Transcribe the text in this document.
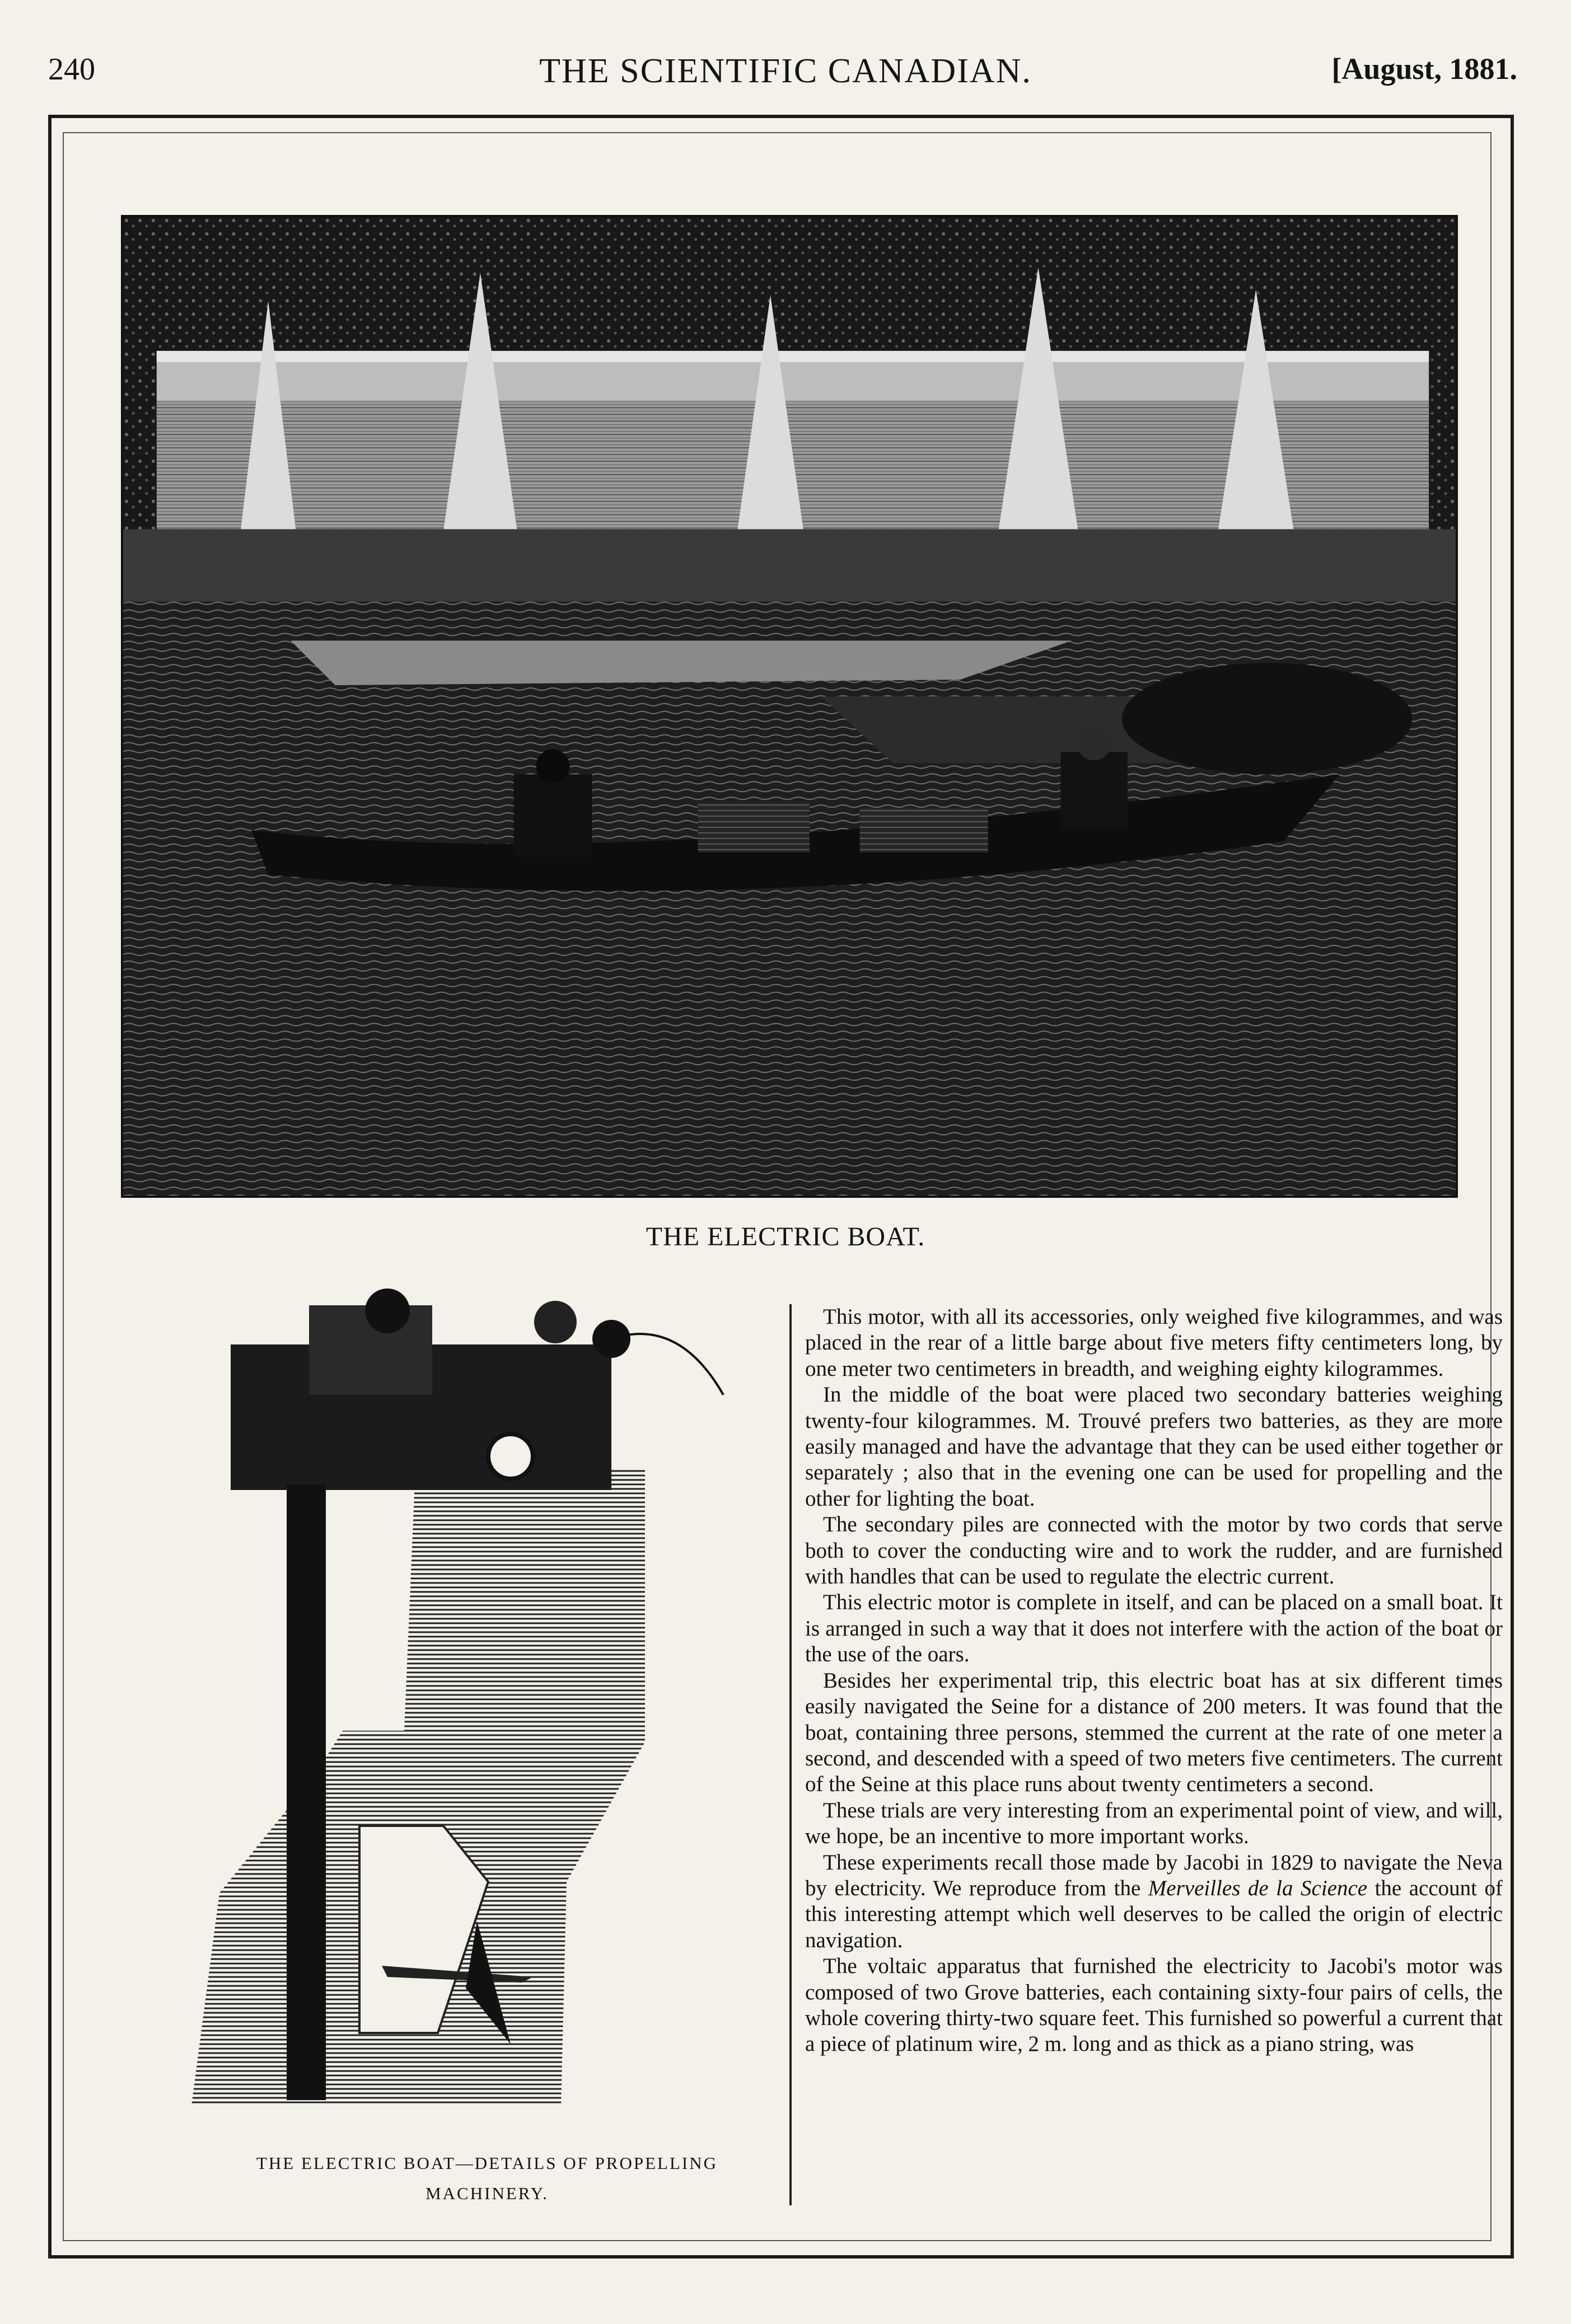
240	THE SCIENTIFIC CANADIAN.	[August, 1881.
THE ELECTRIC BOAT.
THE ELECTRIC BOAT—DETAILS OF PROPELLING
MACHINERY.

This motor, with all its accessories, only weighed five kilogrammes, and was placed in the rear of a little barge about five meters fifty centimeters long, by one meter two centimeters in breadth, and weighing eighty kilogrammes.

In the middle of the boat were placed two secondary batteries weighing twenty-four kilogrammes. M. Trouvé prefers two batteries, as they are more easily managed and have the advantage that they can be used either together or separately ; also that in the evening one can be used for propelling and the other for lighting the boat.

The secondary piles are connected with the motor by two cords that serve both to cover the conducting wire and to work the rudder, and are furnished with handles that can be used to regulate the electric current.

This electric motor is complete in itself, and can be placed on a small boat. It is arranged in such a way that it does not interfere with the action of the boat or the use of the oars.

Besides her experimental trip, this electric boat has at six different times easily navigated the Seine for a distance of 200 meters. It was found that the boat, containing three persons, stemmed the current at the rate of one meter a second, and descended with a speed of two meters five centimeters. The current of the Seine at this place runs about twenty centimeters a second.

These trials are very interesting from an experimental point of view, and will, we hope, be an incentive to more important works.

These experiments recall those made by Jacobi in 1829 to navigate the Neva by electricity. We reproduce from the Merveilles de la Science the account of this interesting attempt which well deserves to be called the origin of electric navigation.

The voltaic apparatus that furnished the electricity to Jacobi's motor was composed of two Grove batteries, each containing sixty-four pairs of cells, the whole covering thirty-two square feet. This furnished so powerful a current that a piece of platinum wire, 2 m. long and as thick as a piano string, was
